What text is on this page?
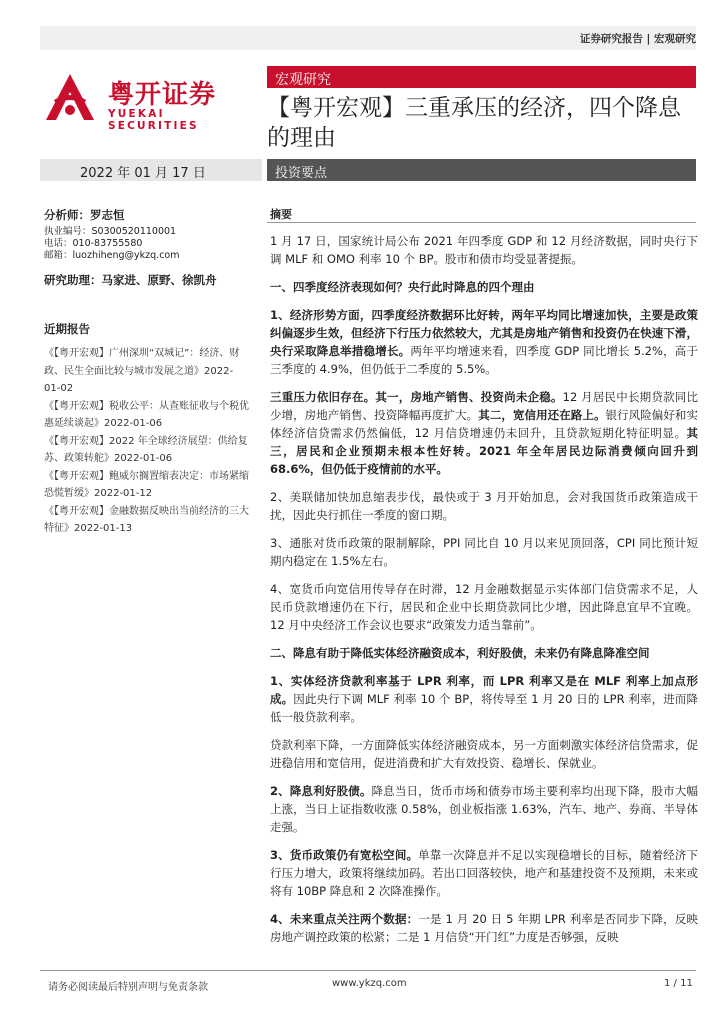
证券研究报告 | 宏观研究
粤开证券
YUEKAI SECURITIES
宏观研究
【粤开宏观】三重承压的经济，四个降息的理由
2022 年 01 月 17 日	投资要点
分析师：罗志恒
执业编号：S0300520110001
电话：010-83755580
邮箱：luozhiheng@ykzq.com
研究助理：马家进、原野、徐凯舟
近期报告
《【粤开宏观】广州深圳“双城记”：经济、财政、民生全面比较与城市发展之道》2022-01-02
《【粤开宏观】税收公平：从查账征收与个税优惠延续谈起》2022-01-06
《【粤开宏观】2022 年全球经济展望：供给复苏、政策转舵》2022-01-06
《【粤开宏观】鲍威尔搁置缩表决定：市场紧缩恐慌暂缓》2022-01-12
《【粤开宏观】金融数据反映出当前经济的三大特征》2022-01-13
摘要

1 月 17 日，国家统计局公布 2021 年四季度 GDP 和 12 月经济数据，同时央行下调 MLF 和 OMO 利率 10 个 BP。股市和债市均受显著提振。

一、四季度经济表现如何？央行此时降息的四个理由

1、经济形势方面，四季度经济数据环比好转，两年平均同比增速加快，主要是政策纠偏逐步生效，但经济下行压力依然较大，尤其是房地产销售和投资仍在快速下滑，央行采取降息举措稳增长。两年平均增速来看，四季度 GDP 同比增长 5.2%，高于三季度的 4.9%，但仍低于二季度的 5.5%。

三重压力依旧存在。其一，房地产销售、投资尚未企稳。12 月居民中长期贷款同比少增，房地产销售、投资降幅再度扩大。其二，宽信用还在路上。银行风险偏好和实体经济信贷需求仍然偏低，12 月信贷增速仍未回升，且贷款短期化特征明显。其三，居民和企业预期未根本性好转。2021 年全年居民边际消费倾向回升到 68.6%，但仍低于疫情前的水平。

2、美联储加快加息缩表步伐，最快或于 3 月开始加息，会对我国货币政策造成干扰，因此央行抓住一季度的窗口期。

3、通胀对货币政策的限制解除，PPI 同比自 10 月以来见顶回落，CPI 同比预计短期内稳定在 1.5%左右。

4、宽货币向宽信用传导存在时滞，12 月金融数据显示实体部门信贷需求不足，人民币贷款增速仍在下行，居民和企业中长期贷款同比少增，因此降息宜早不宜晚。12 月中央经济工作会议也要求“政策发力适当靠前”。

二、降息有助于降低实体经济融资成本，利好股债，未来仍有降息降准空间

1、实体经济贷款利率基于 LPR 利率，而 LPR 利率又是在 MLF 利率上加点形成。因此央行下调 MLF 利率 10 个 BP，将传导至 1 月 20 日的 LPR 利率，进而降低一般贷款利率。

贷款利率下降，一方面降低实体经济融资成本，另一方面刺激实体经济信贷需求，促进稳信用和宽信用，促进消费和扩大有效投资、稳增长、保就业。

2、降息利好股债。降息当日，货币市场和债券市场主要利率均出现下降，股市大幅上涨，当日上证指数收涨 0.58%，创业板指涨 1.63%，汽车、地产、券商、半导体走强。

3、货币政策仍有宽松空间。单靠一次降息并不足以实现稳增长的目标，随着经济下行压力增大，政策将继续加码。若出口回落较快，地产和基建投资不及预期，未来或将有 10BP 降息和 2 次降准操作。

4、未来重点关注两个数据：一是 1 月 20 日 5 年期 LPR 利率是否同步下降，反映房地产调控政策的松紧；二是 1 月信贷“开门红”力度是否够强，反映

请务必阅读最后特别声明与免责条款	www.ykzq.com	1 / 11
